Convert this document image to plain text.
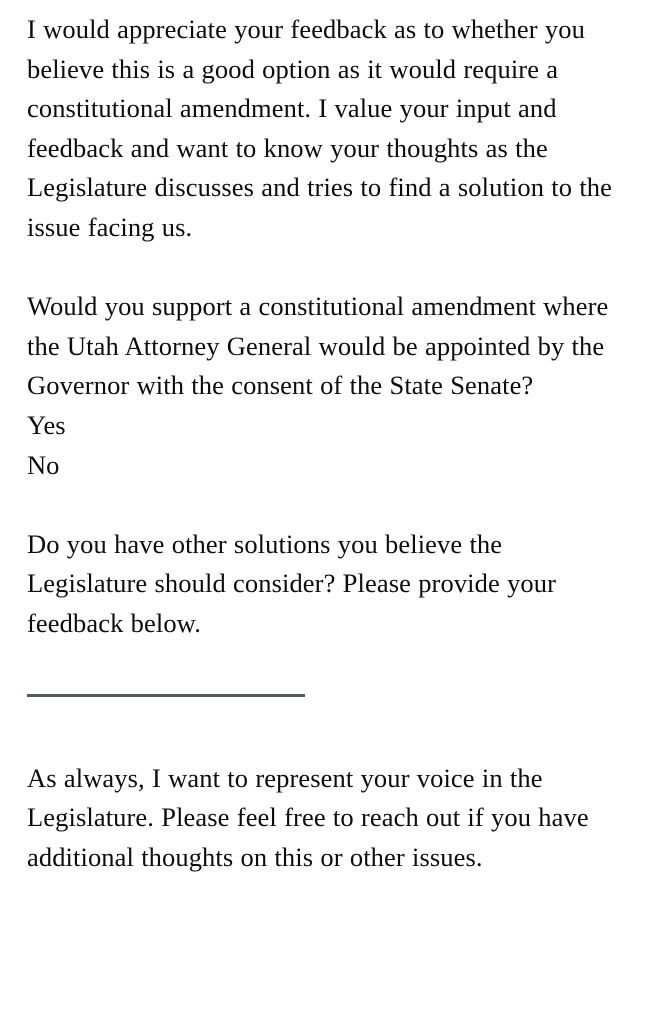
I would appreciate your feedback as to whether you believe this is a good option as it would require a constitutional amendment. I value your input and feedback and want to know your thoughts as the Legislature discusses and tries to find a solution to the issue facing us.

Would you support a constitutional amendment where the Utah Attorney General would be appointed by the Governor with the consent of the State Senate?

Yes
No

Do you have other solutions you believe the Legislature should consider? Please provide your feedback below.

As always, I want to represent your voice in the Legislature. Please feel free to reach out if you have additional thoughts on this or other issues.
